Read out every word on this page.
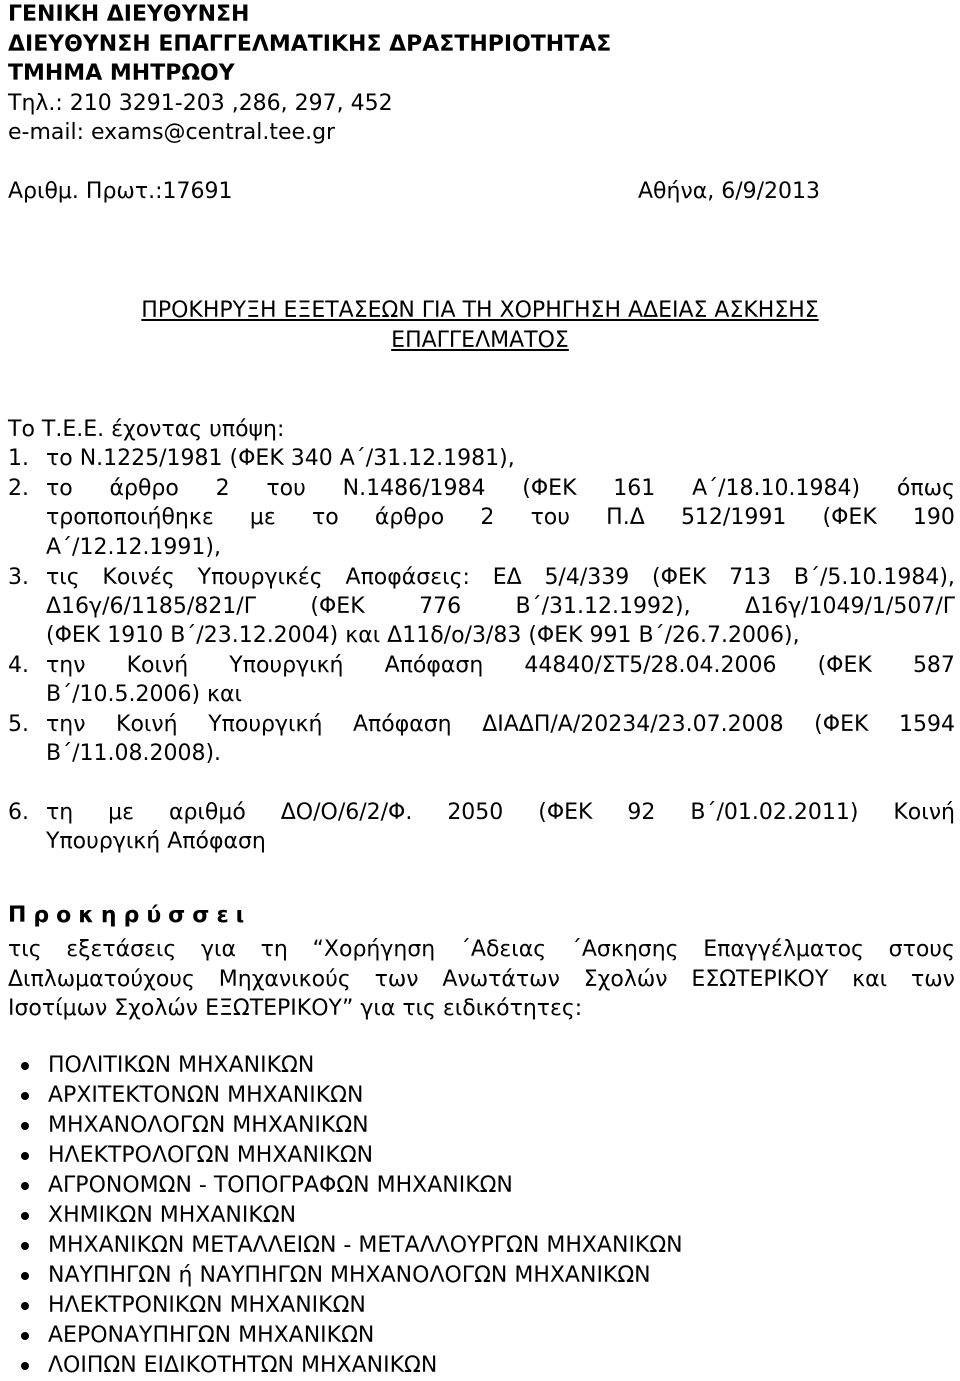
ΓΕΝΙΚΗ ΔΙΕΥΘΥΝΣΗ
ΔΙΕΥΘΥΝΣΗ ΕΠΑΓΓΕΛΜΑΤΙΚΗΣ ΔΡΑΣΤΗΡΙΟΤΗΤΑΣ
ΤΜΗΜΑ ΜΗΤΡΩΟΥ
Τηλ.: 210 3291-203 ,286, 297, 452
e-mail: exams@central.tee.gr
Αριθμ. Πρωτ.:17691	Αθήνα, 6/9/2013
ΠΡΟΚΗΡΥΞΗ ΕΞΕΤΑΣΕΩΝ ΓΙΑ ΤΗ ΧΟΡΗΓΗΣΗ ΑΔΕΙΑΣ ΑΣΚΗΣΗΣ
ΕΠΑΓΓΕΛΜΑΤΟΣ
Το Τ.Ε.Ε. έχοντας υπόψη:
1. το Ν.1225/1981 (ΦΕΚ 340 Α΄/31.12.1981),
2. το άρθρο 2 του Ν.1486/1984 (ΦΕΚ 161 Α΄/18.10.1984) όπως
τροποποιήθηκε με το άρθρο 2 του Π.Δ 512/1991 (ΦΕΚ 190
Α΄/12.12.1991),
3. τις Κοινές Υπουργικές Αποφάσεις: ΕΔ 5/4/339 (ΦΕΚ 713 Β΄/5.10.1984),
Δ16γ/6/1185/821/Γ (ΦΕΚ 776 Β΄/31.12.1992), Δ16γ/1049/1/507/Γ
(ΦΕΚ 1910 Β΄/23.12.2004) και Δ11δ/ο/3/83 (ΦΕΚ 991 Β΄/26.7.2006),
4. την Κοινή Υπουργική Απόφαση 44840/ΣΤ5/28.04.2006 (ΦΕΚ 587
Β΄/10.5.2006) και
5. την Κοινή Υπουργική Απόφαση ΔΙΑΔΠ/Α/20234/23.07.2008 (ΦΕΚ 1594
Β΄/11.08.2008).
6. τη με αριθμό ΔΟ/Ο/6/2/Φ. 2050 (ΦΕΚ 92 Β΄/01.02.2011) Κοινή
Υπουργική Απόφαση
Προκηρύσσει
τις εξετάσεις για τη “Χορήγηση ΄Αδειας ΄Ασκησης Επαγγέλματος στους
Διπλωματούχους Μηχανικούς των Ανωτάτων Σχολών ΕΣΩΤΕΡΙΚΟΥ και των
Ισοτίμων Σχολών ΕΞΩΤΕΡΙΚΟΥ” για τις ειδικότητες:
ΠΟΛΙΤΙΚΩΝ ΜΗΧΑΝΙΚΩΝ
ΑΡΧΙΤΕΚΤΟΝΩΝ ΜΗΧΑΝΙΚΩΝ
ΜΗΧΑΝΟΛΟΓΩΝ ΜΗΧΑΝΙΚΩΝ
ΗΛΕΚΤΡΟΛΟΓΩΝ ΜΗΧΑΝΙΚΩΝ
ΑΓΡΟΝΟΜΩΝ - ΤΟΠΟΓΡΑΦΩΝ ΜΗΧΑΝΙΚΩΝ
ΧΗΜΙΚΩΝ ΜΗΧΑΝΙΚΩΝ
ΜΗΧΑΝΙΚΩΝ ΜΕΤΑΛΛΕΙΩΝ - ΜΕΤΑΛΛΟΥΡΓΩΝ ΜΗΧΑΝΙΚΩΝ
ΝΑΥΠΗΓΩΝ ή ΝΑΥΠΗΓΩΝ ΜΗΧΑΝΟΛΟΓΩΝ ΜΗΧΑΝΙΚΩΝ
ΗΛΕΚΤΡΟΝΙΚΩΝ ΜΗΧΑΝΙΚΩΝ
ΑΕΡΟΝΑΥΠΗΓΩΝ ΜΗΧΑΝΙΚΩΝ
ΛΟΙΠΩΝ ΕΙΔΙΚΟΤΗΤΩΝ ΜΗΧΑΝΙΚΩΝ
